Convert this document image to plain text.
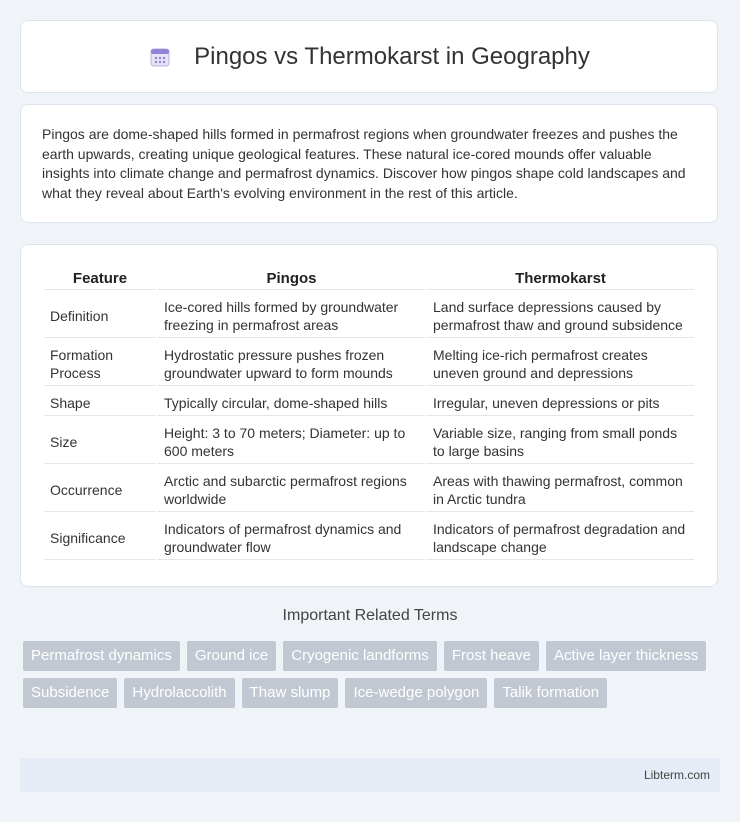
Pingos vs Thermokarst in Geography

Pingos are dome-shaped hills formed in permafrost regions when groundwater freezes and pushes the earth upwards, creating unique geological features. These natural ice-cored mounds offer valuable insights into climate change and permafrost dynamics. Discover how pingos shape cold landscapes and what they reveal about Earth's evolving environment in the rest of this article.

Feature	Pingos	Thermokarst
Definition	Ice-cored hills formed by groundwater freezing in permafrost areas	Land surface depressions caused by permafrost thaw and ground subsidence
Formation Process	Hydrostatic pressure pushes frozen groundwater upward to form mounds	Melting ice-rich permafrost creates uneven ground and depressions
Shape	Typically circular, dome-shaped hills	Irregular, uneven depressions or pits
Size	Height: 3 to 70 meters; Diameter: up to 600 meters	Variable size, ranging from small ponds to large basins
Occurrence	Arctic and subarctic permafrost regions worldwide	Areas with thawing permafrost, common in Arctic tundra
Significance	Indicators of permafrost dynamics and groundwater flow	Indicators of permafrost degradation and landscape change
Important Related Terms
Permafrost dynamics	Ground ice	Cryogenic landforms	Frost heave	Active layer thickness
Subsidence	Hydrolaccolith	Thaw slump	Ice-wedge polygon	Talik formation
Libterm.com
